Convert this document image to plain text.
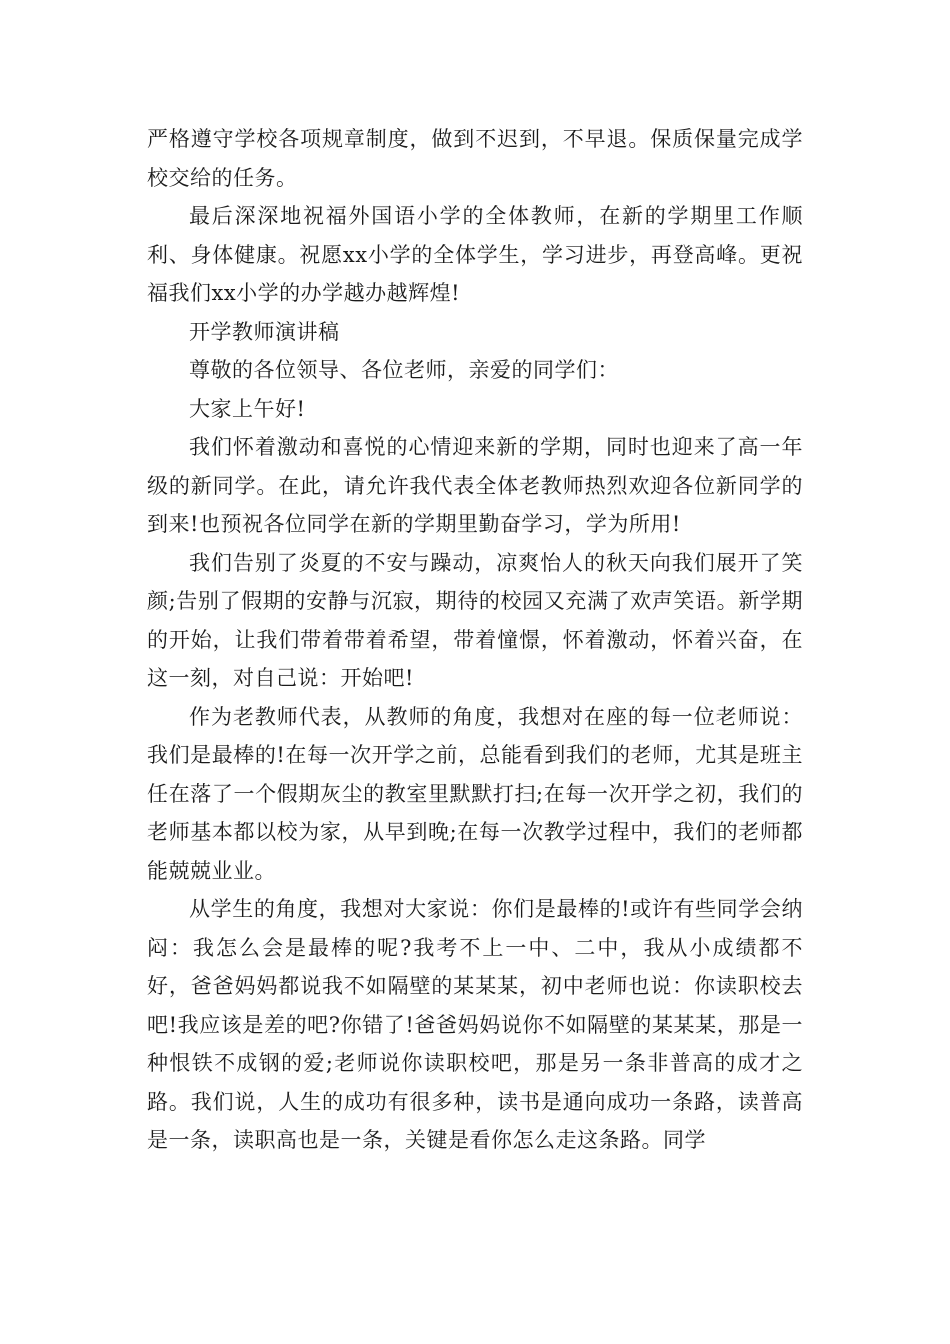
严格遵守学校各项规章制度，做到不迟到，不早退。保质保量完成学校交给的任务。

最后深深地祝福外国语小学的全体教师，在新的学期里工作顺利、身体健康。祝愿xx小学的全体学生，学习进步，再登高峰。更祝福我们xx小学的办学越办越辉煌!

开学教师演讲稿

尊敬的各位领导、各位老师，亲爱的同学们：

大家上午好!

我们怀着激动和喜悦的心情迎来新的学期，同时也迎来了高一年级的新同学。在此，请允许我代表全体老教师热烈欢迎各位新同学的到来!也预祝各位同学在新的学期里勤奋学习，学为所用!

我们告别了炎夏的不安与躁动，凉爽怡人的秋天向我们展开了笑颜;告别了假期的安静与沉寂，期待的校园又充满了欢声笑语。新学期的开始，让我们带着带着希望，带着憧憬，怀着激动，怀着兴奋，在这一刻，对自己说：开始吧!

作为老教师代表，从教师的角度，我想对在座的每一位老师说：我们是最棒的!在每一次开学之前，总能看到我们的老师，尤其是班主任在落了一个假期灰尘的教室里默默打扫;在每一次开学之初，我们的老师基本都以校为家，从早到晚;在每一次教学过程中，我们的老师都能兢兢业业。

从学生的角度，我想对大家说：你们是最棒的!或许有些同学会纳闷：我怎么会是最棒的呢?我考不上一中、二中，我从小成绩都不好，爸爸妈妈都说我不如隔壁的某某某，初中老师也说：你读职校去吧!我应该是差的吧?你错了!爸爸妈妈说你不如隔壁的某某某，那是一种恨铁不成钢的爱;老师说你读职校吧，那是另一条非普高的成才之路。我们说，人生的成功有很多种，读书是通向成功一条路，读普高是一条，读职高也是一条，关键是看你怎么走这条路。同学
